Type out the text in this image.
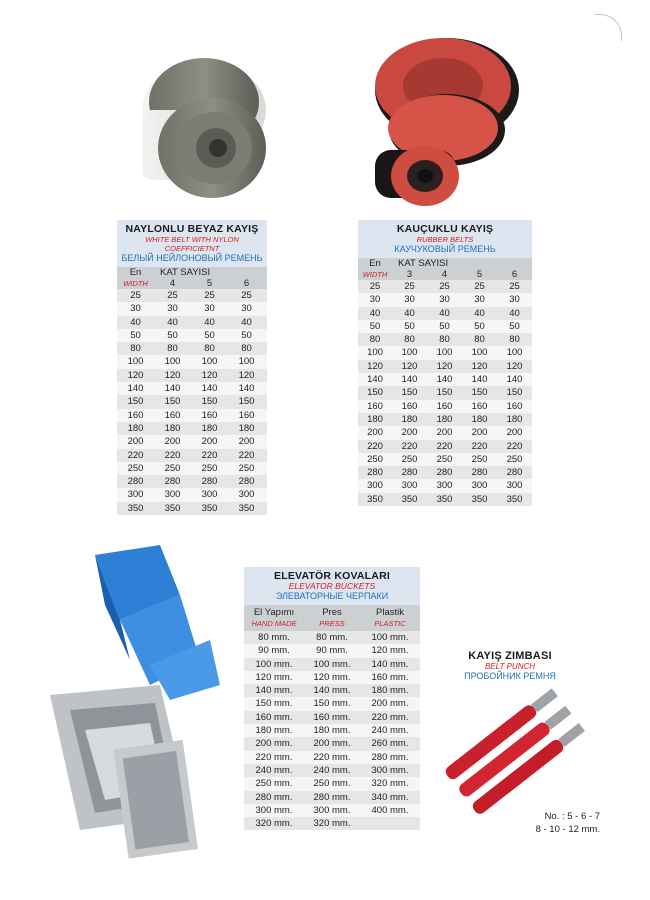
NAYLONLU BEYAZ KAYIŞ
WHITE BELT WITH NYLON COEFFICIETNT
БЕЛЫЙ НЕЙЛОНОВЫЙ РЕМЕНЬ
En	KAT SAYISI
WIDTH	4	5	6
25	25	25	25
30	30	30	30
40	40	40	40
50	50	50	50
80	80	80	80
100	100	100	100
120	120	120	120
140	140	140	140
150	150	150	150
160	160	160	160
180	180	180	180
200	200	200	200
220	220	220	220
250	250	250	250
280	280	280	280
300	300	300	300
350	350	350	350
KAUÇUKLU KAYIŞ
RUBBER BELTS
КАУЧУКОВЫЙ РЕМЕНЬ
En	KAT SAYISI
WIDTH	3	4	5	6
25	25	25	25	25
30	30	30	30	30
40	40	40	40	40
50	50	50	50	50
80	80	80	80	80
100	100	100	100	100
120	120	120	120	120
140	140	140	140	140
150	150	150	150	150
160	160	160	160	160
180	180	180	180	180
200	200	200	200	200
220	220	220	220	220
250	250	250	250	250
280	280	280	280	280
300	300	300	300	300
350	350	350	350	350
ELEVATÖR KOVALARI
ELEVATOR BUCKETS
ЭЛЕВАТОРНЫЕ ЧЕРПАКИ
El Yapımı	Pres	Plastik
HAND MADE	PRESS	PLASTIC
80 mm.	80 mm.	100 mm.
90 mm.	90 mm.	120 mm.
100 mm.	100 mm.	140 mm.
120 mm.	120 mm.	160 mm.
140 mm.	140 mm.	180 mm.
150 mm.	150 mm.	200 mm.
160 mm.	160 mm.	220 mm.
180 mm.	180 mm.	240 mm.
200 mm.	200 mm.	260 mm.
220 mm.	220 mm.	280 mm.
240 mm.	240 mm.	300 mm.
250 mm.	250 mm.	320 mm.
280 mm.	280 mm.	340 mm.
300 mm.	300 mm.	400 mm.
320 mm.	320 mm.
KAYIŞ ZIMBASI
BELT PUNCH
ПРОБОЙНИК РЕМНЯ
No. : 5 - 6 - 7
8 - 10 - 12 mm.
